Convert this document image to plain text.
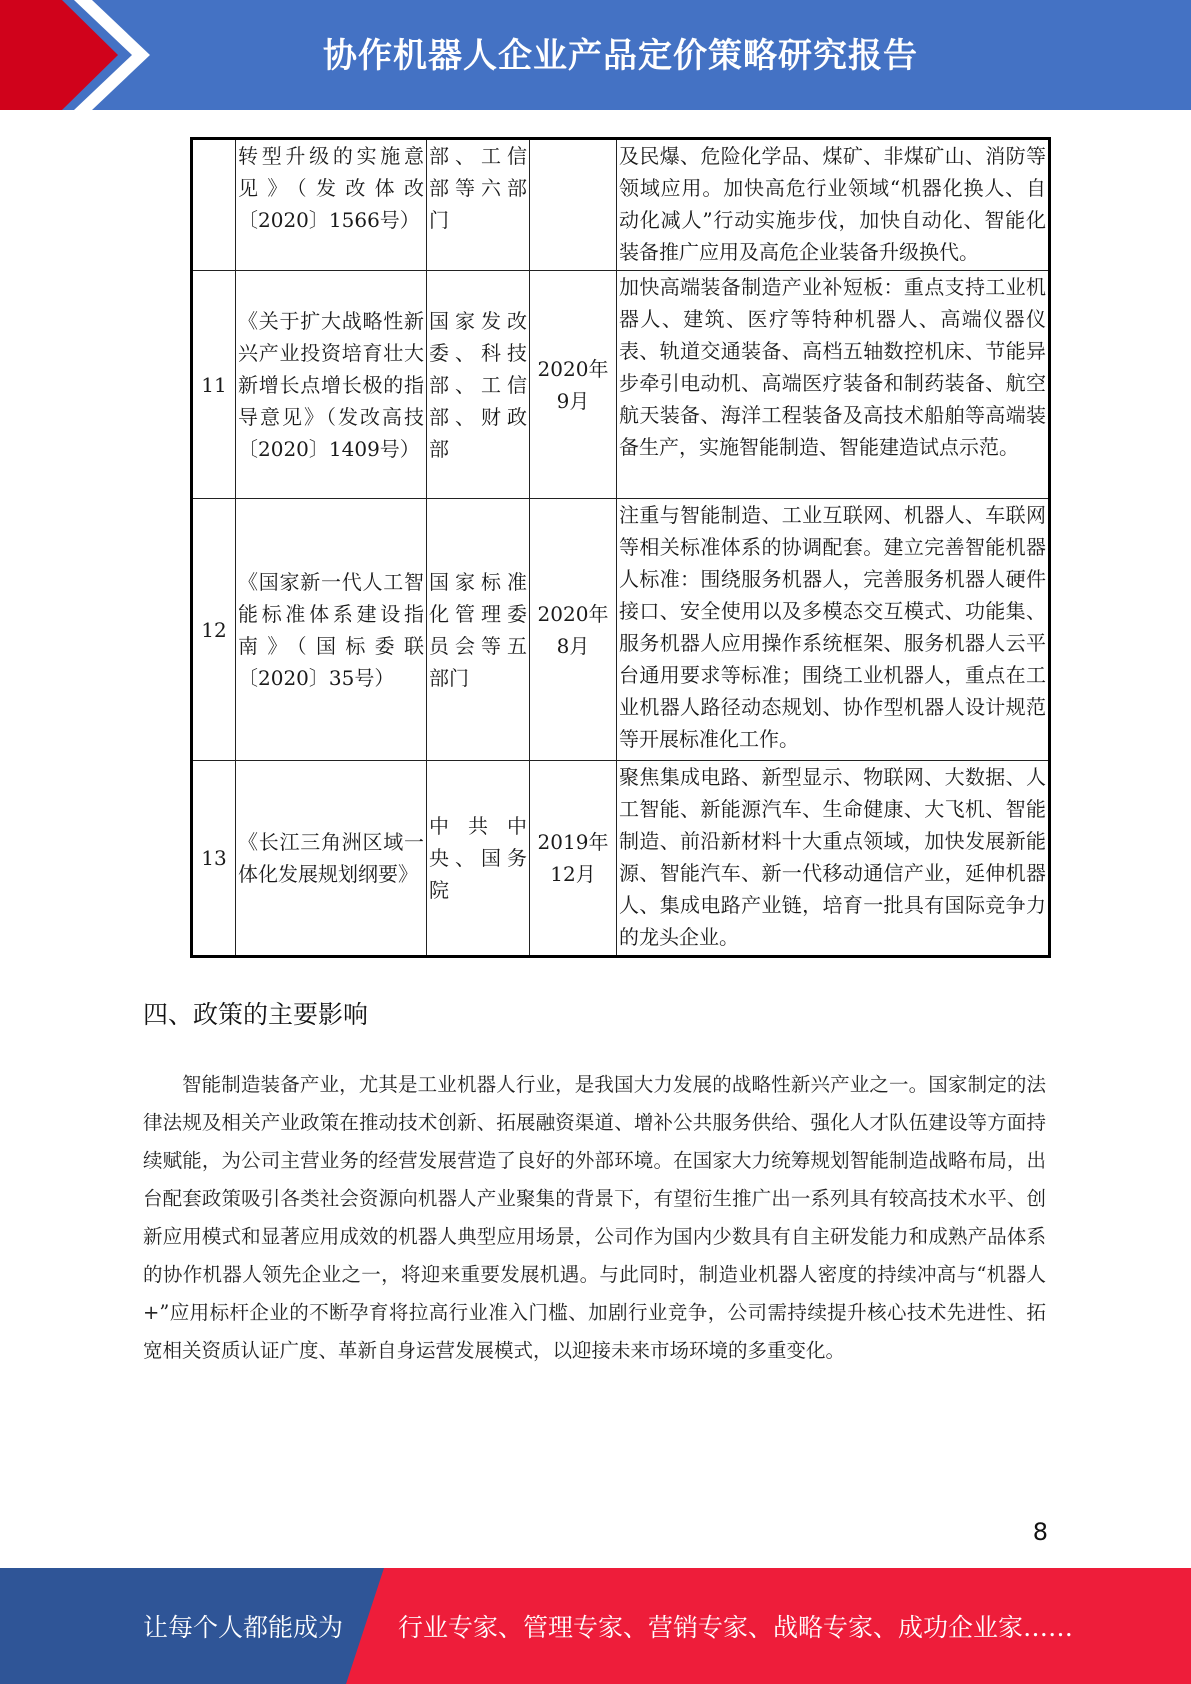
协作机器人企业产品定价策略研究报告
	转型升级的实施意见》（发改体改〔2020〕1566号）	部、工信部等六部门		及民爆、危险化学品、煤矿、非煤矿山、消防等领域应用。加快高危行业领域“机器化换人、自动化减人”行动实施步伐，加快自动化、智能化装备推广应用及高危企业装备升级换代。
11	《关于扩大战略性新兴产业投资培育壮大新增长点增长极的指导意见》（发改高技〔2020〕1409号）	国家发改委、科技部、工信部、财政部	2020年9月	加快高端装备制造产业补短板：重点支持工业机器人、建筑、医疗等特种机器人、高端仪器仪表、轨道交通装备、高档五轴数控机床、节能异步牵引电动机、高端医疗装备和制药装备、航空航天装备、海洋工程装备及高技术船舶等高端装备生产，实施智能制造、智能建造试点示范。
12	《国家新一代人工智能标准体系建设指南》（国标委联〔2020〕35号）	国家标准化管理委员会等五部门	2020年8月	注重与智能制造、工业互联网、机器人、车联网等相关标准体系的协调配套。建立完善智能机器人标准：围绕服务机器人，完善服务机器人硬件接口、安全使用以及多模态交互模式、功能集、服务机器人应用操作系统框架、服务机器人云平台通用要求等标准；围绕工业机器人，重点在工业机器人路径动态规划、协作型机器人设计规范等开展标准化工作。
13	《长江三角洲区域一体化发展规划纲要》	中共中央、国务院	2019年12月	聚焦集成电路、新型显示、物联网、大数据、人工智能、新能源汽车、生命健康、大飞机、智能制造、前沿新材料十大重点领域，加快发展新能源、智能汽车、新一代移动通信产业，延伸机器人、集成电路产业链，培育一批具有国际竞争力的龙头企业。
四、政策的主要影响

智能制造装备产业，尤其是工业机器人行业，是我国大力发展的战略性新兴产业之一。国家制定的法律法规及相关产业政策在推动技术创新、拓展融资渠道、增补公共服务供给、强化人才队伍建设等方面持续赋能，为公司主营业务的经营发展营造了良好的外部环境。在国家大力统筹规划智能制造战略布局，出台配套政策吸引各类社会资源向机器人产业聚集的背景下，有望衍生推广出一系列具有较高技术水平、创新应用模式和显著应用成效的机器人典型应用场景，公司作为国内少数具有自主研发能力和成熟产品体系的协作机器人领先企业之一，将迎来重要发展机遇。与此同时，制造业机器人密度的持续冲高与“机器人+”应用标杆企业的不断孕育将拉高行业准入门槛、加剧行业竞争，公司需持续提升核心技术先进性、拓宽相关资质认证广度、革新自身运营发展模式，以迎接未来市场环境的多重变化。

8
让每个人都能成为 行业专家、管理专家、营销专家、战略专家、成功企业家……
